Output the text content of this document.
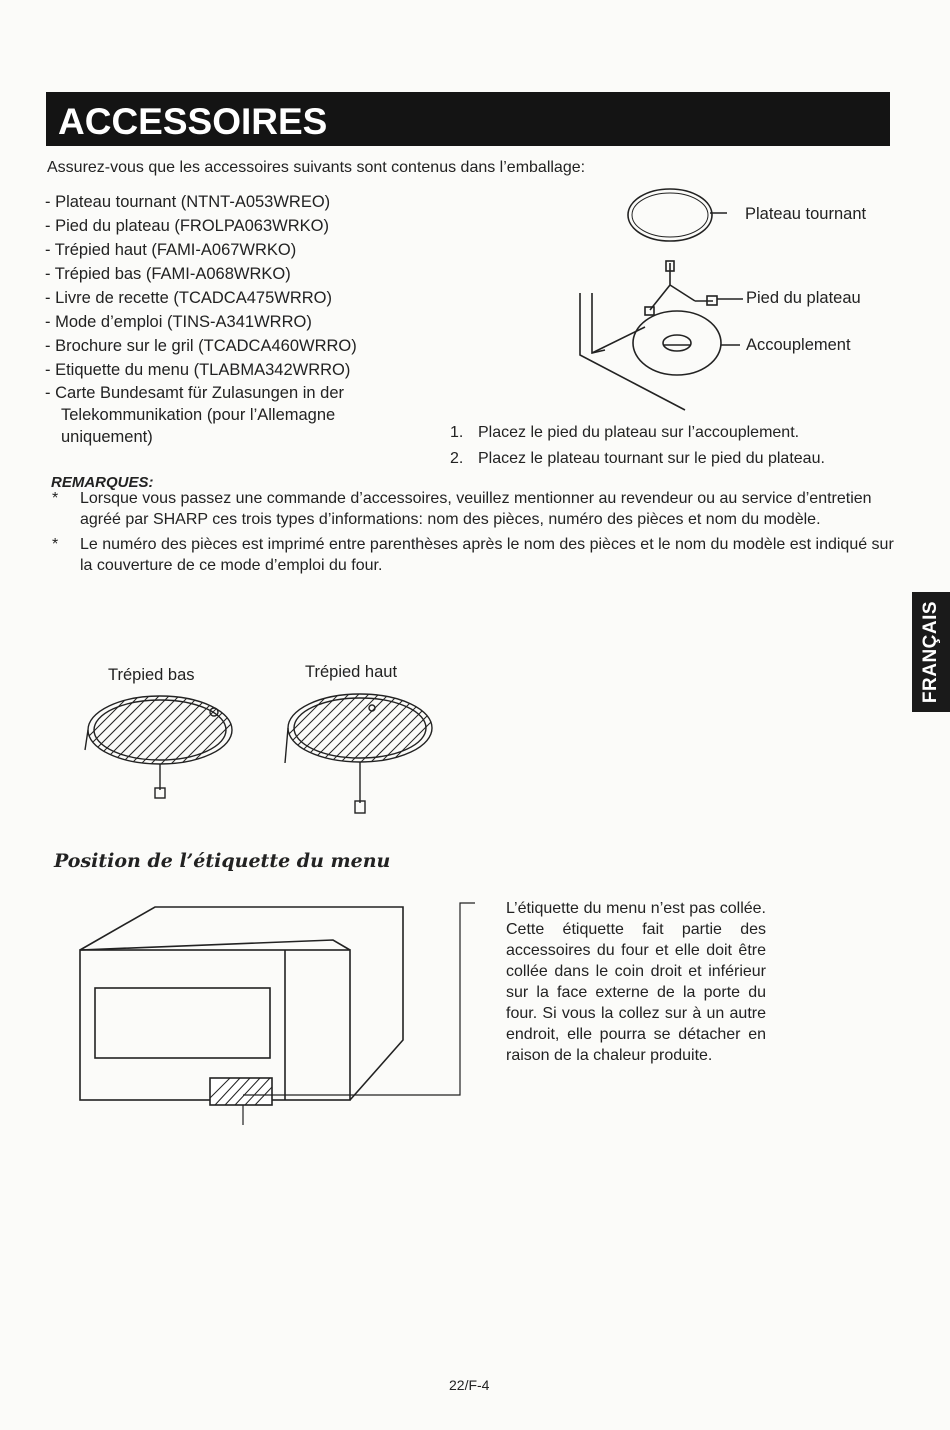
ACCESSOIRES
Assurez-vous que les accessoires suivants sont contenus dans l’emballage:
- Plateau tournant (NTNT-A053WREO)
- Pied du plateau (FROLPA063WRKO)
- Trépied haut (FAMI-A067WRKO)
- Trépied bas (FAMI-A068WRKO)
- Livre de recette (TCADCA475WRRO)
- Mode d’emploi (TINS-A341WRRO)
- Brochure sur le gril (TCADCA460WRRO)
- Etiquette du menu (TLABMA342WRRO)
- Carte Bundesamt für Zulasungen in der Telekommunikation (pour l’Allemagne uniquement)
Plateau tournant
Pied du plateau
Accouplement
1. Placez le pied du plateau sur l’accouplement.
2. Placez le plateau tournant sur le pied du plateau.
REMARQUES:
*	Lorsque vous passez une commande d’accessoires, veuillez mentionner au revendeur ou au service d’entretien agréé par SHARP ces trois types d’informations: nom des pièces, numéro des pièces et nom du modèle.
*	Le numéro des pièces est imprimé entre parenthèses après le nom des pièces et le nom du modèle est indiqué sur la couverture de ce mode d’emploi du four.
FRANÇAIS
Trépied bas	Trépied haut
Position de l’étiquette du menu
L’étiquette du menu n’est pas collée. Cette étiquette fait partie des accessoires du four et elle doit être collée dans le coin droit et inférieur sur la face externe de la porte du four. Si vous la collez sur à un autre endroit, elle pourra se détacher en raison de la chaleur produite.
22/F-4
